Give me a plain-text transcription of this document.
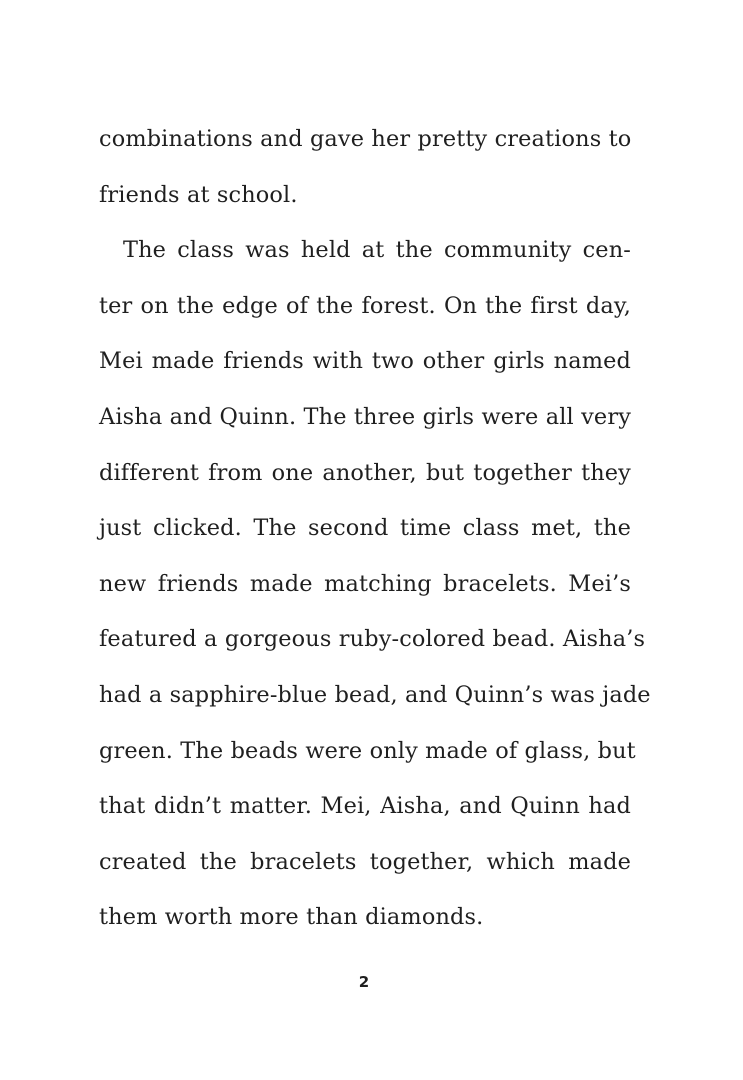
combinations and gave her pretty creations to
friends at school.
The class was held at the community cen-
ter on the edge of the forest. On the first day,
Mei made friends with two other girls named
Aisha and Quinn. The three girls were all very
different from one another, but together they
just clicked. The second time class met, the
new friends made matching bracelets. Mei’s
featured a gorgeous ruby-colored bead. Aisha’s
had a sapphire-blue bead, and Quinn’s was jade
green. The beads were only made of glass, but
that didn’t matter. Mei, Aisha, and Quinn had
created the bracelets together, which made
them worth more than diamonds.
2
